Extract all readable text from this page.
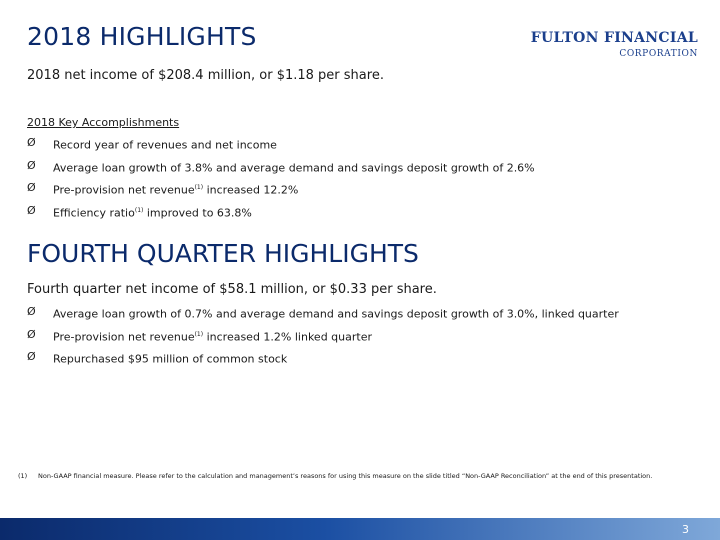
2018 HIGHLIGHTS	FULTON FINANCIAL
CORPORATION

2018 net income of $208.4 million, or $1.18 per share.

2018 Key Accomplishments

Ø Record year of revenues and net income
Ø Average loan growth of 3.8% and average demand and savings deposit growth of 2.6%
Ø Pre-provision net revenue$^{(1)}$ increased 12.2%
Ø Efficiency ratio$^{(1)}$ improved to 63.8%
FOURTH QUARTER HIGHLIGHTS

Fourth quarter net income of $58.1 million, or $0.33 per share.

Ø Average loan growth of 0.7% and average demand and savings deposit growth of 3.0%, linked quarter
Ø Pre-provision net revenue$^{(1)}$ increased 1.2% linked quarter
Ø Repurchased $95 million of common stock

(1)	Non-GAAP financial measure. Please refer to the calculation and management’s reasons for using this measure on the slide titled “Non-GAAP Reconciliation” at the end of this presentation.

3
